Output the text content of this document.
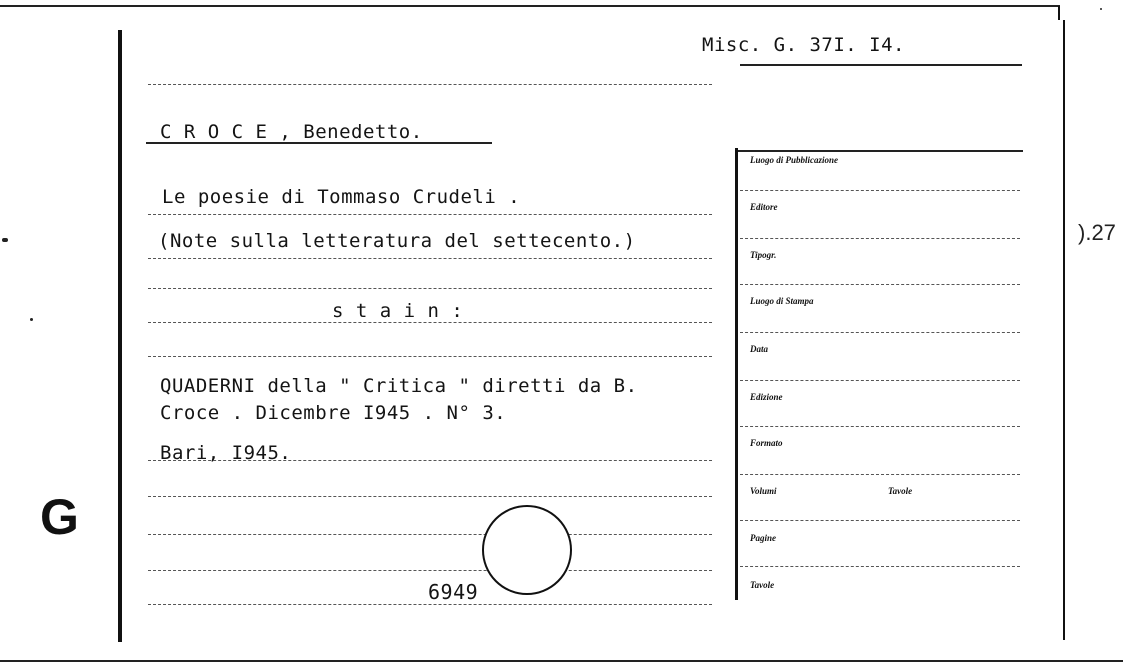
Misc. G. 37I. I4.
C R O C E , Benedetto.
Le poesie di Tommaso Crudeli .
(Note sulla letteratura del settecento.)
s t a i n :
QUADERNI della " Critica " diretti da B.
Croce . Dicembre I945 . N° 3.
Bari, I945.
6949
Luogo di Pubblicazione
Editore
Tipogr.
Luogo di Stampa
Data
Edizione
Formato
Volumi	Tavole
Pagine
Tavole
G
).27
